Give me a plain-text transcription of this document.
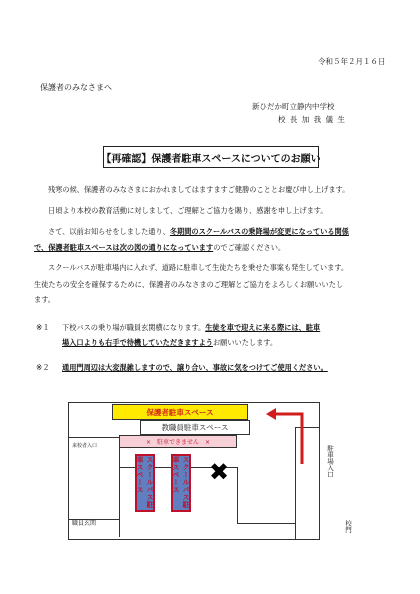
令和５年２月１６日
保護者のみなさまへ
新ひだか町立静内中学校
校 長 加 我 儀 生
【再確認】保護者駐車スペースについてのお願い
残寒の候、保護者のみなさまにおかれましてはますますご健勝のこととお慶び申し上げます。
日頃より本校の教育活動に対しまして、ご理解とご協力を賜り、感謝を申し上げます。
さて、以前お知らせをしました通り、冬期間のスクールバスの乗降場が変更になっている関係
で、保護者駐車スペースは次の図の通りになっていますのでご確認ください。
スクールバスが駐車場内に入れず、道路に駐車して生徒たちを乗せた事案も発生しています。
生徒たちの安全を確保するために、保護者のみなさまのご理解とご協力をよろしくお願いいたし
ます。
※１ 下校バスの乗り場が職員玄関横になります。生徒を車で迎えに来る際には、駐車
場入口よりも右手で待機していただきますようお願いいたします。
※２ 通用門周辺は大変混雑しますので、譲り合い、事故に気をつけてご使用ください。
保護者駐車スペース
教職員駐車スペース
×　駐車できません　×
スクールバス駐車スペース	スクールバス駐車スペース	✖	駐車場入口
校門
職員玄関
来校者入口
